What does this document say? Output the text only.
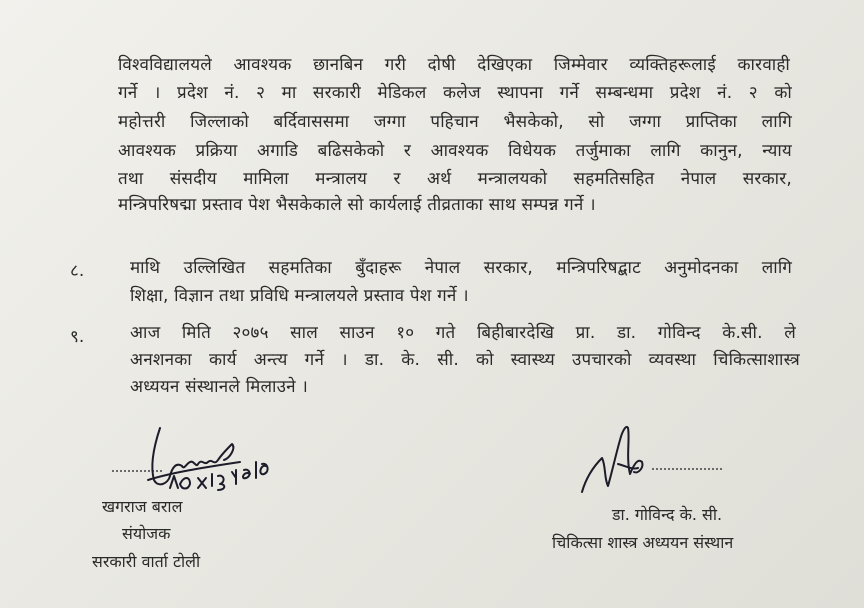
विश्वविद्यालयले आवश्यक छानबिन गरी दोषी देखिएका जिम्मेवार व्यक्तिहरूलाई कारवाही
गर्ने । प्रदेश नं. २ मा सरकारी मेडिकल कलेज स्थापना गर्ने सम्बन्धमा प्रदेश नं. २ को
महोत्तरी जिल्लाको बर्दिवाससमा जग्गा पहिचान भैसकेको, सो जग्गा प्राप्तिका लागि
आवश्यक प्रक्रिया अगाडि बढिसकेको र आवश्यक विधेयक तर्जुमाका लागि कानुन, न्याय
तथा संसदीय मामिला मन्त्रालय र अर्थ मन्त्रालयको सहमतिसहित नेपाल सरकार,
मन्त्रिपरिषद्मा प्रस्ताव पेश भैसकेकाले सो कार्यलाई तीव्रताका साथ सम्पन्न गर्ने ।
८.	माथि उल्लिखित सहमतिका बुँदाहरू नेपाल सरकार, मन्त्रिपरिषद्बाट अनुमोदनका लागि
शिक्षा, विज्ञान तथा प्रविधि मन्त्रालयले प्रस्ताव पेश गर्ने ।
९.	आज मिति २०७५ साल साउन १० गते बिहीबारदेखि प्रा. डा. गोविन्द के.सी. ले
अनशनका कार्य अन्त्य गर्ने । डा. के. सी. को स्वास्थ्य उपचारको व्यवस्था चिकित्साशास्त्र
अध्ययन संस्थानले मिलाउने ।
खगराज बराल
संयोजक
सरकारी वार्ता टोली
डा. गोविन्द के. सी.
चिकित्सा शास्त्र अध्ययन संस्थान
